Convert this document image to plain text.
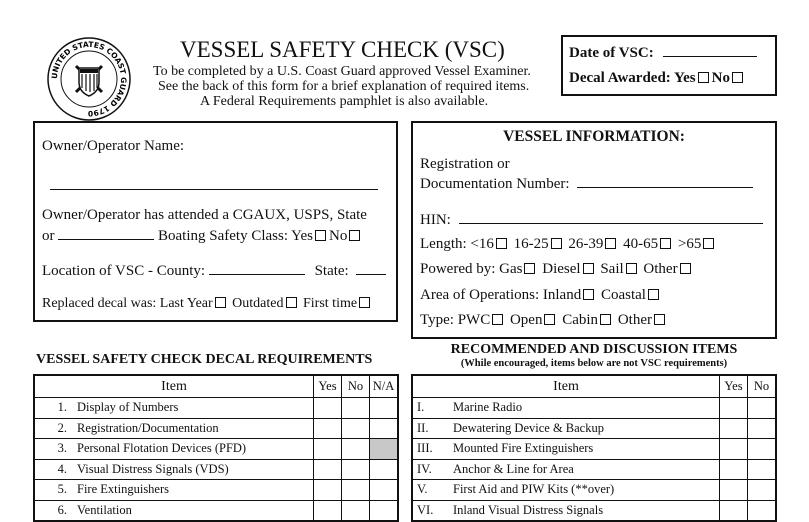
UNITED STATES COAST GUARD 1790
VESSEL SAFETY CHECK (VSC)
To be completed by a U.S. Coast Guard approved Vessel Examiner.
See the back of this form for a brief explanation of required items.
A Federal Requirements pamphlet is also available.
Date of VSC:
Decal Awarded: Yes No
Owner/Operator Name:
Owner/Operator has attended a CGAUX, USPS, State
or	Boating Safety Class: Yes No
Location of VSC - County:	State:
Replaced decal was: Last Year Outdated First time
VESSEL INFORMATION:
Registration or
Documentation Number:
HIN:
Length: <16 16-25 26-39 40-65 >65
Powered by: Gas Diesel Sail Other
Area of Operations: Inland Coastal
Type: PWC Open Cabin Other
VESSEL SAFETY CHECK DECAL REQUIREMENTS
Item		Yes	No	N/A
1.	Display of Numbers			
2.	Registration/Documentation			
3.	Personal Flotation Devices (PFD)			
4.	Visual Distress Signals (VDS)			
5.	Fire Extinguishers			
6.	Ventilation			
RECOMMENDED AND DISCUSSION ITEMS
(While encouraged, items below are not VSC requirements)
Item		Yes	No
I.	Marine Radio		
II.	Dewatering Device & Backup		
III.	Mounted Fire Extinguishers		
IV.	Anchor & Line for Area		
V.	First Aid and PIW Kits (**over)		
VI.	Inland Visual Distress Signals		
